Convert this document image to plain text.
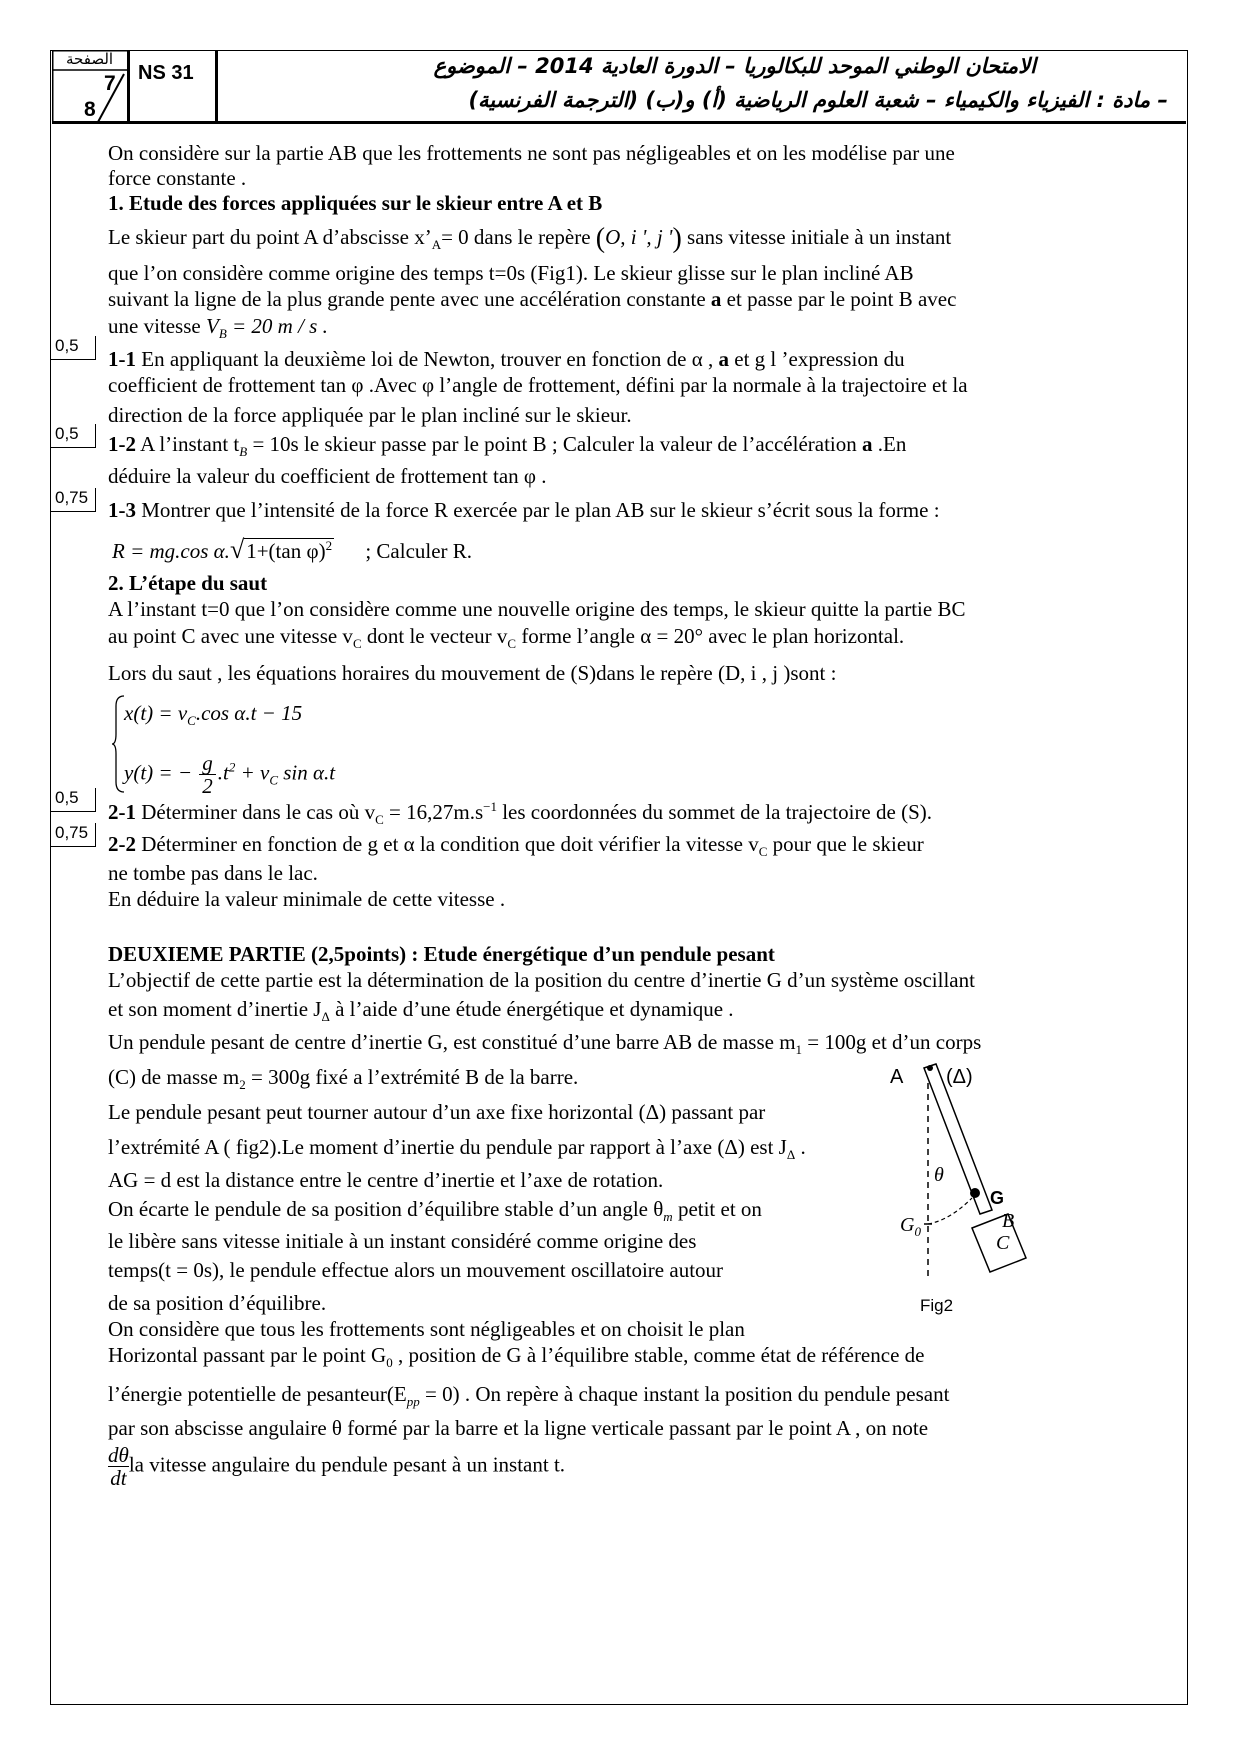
الصفحة
7
8
NS 31	الامتحان الوطني الموحد للبكالوريا – الدورة العادية 2014 – الموضوع
– مادة : الفيزياء والكيمياء – شعبة العلوم الرياضية (أ) و(ب) (الترجمة الفرنسية)
On considère sur la partie AB que les frottements ne sont pas négligeables et on les modélise par une
force constante .
1. Etude des forces appliquées sur le skieur entre A et B
Le skieur part du point A d’abscisse $x’_A= 0$ dans le repère (O, i ', j ') sans vitesse initiale à un instant
que l’on considère comme origine des temps t=0s (Fig1). Le skieur glisse sur le plan incliné AB
suivant la ligne de la plus grande pente avec une accélération constante a et passe par le point B avec
une vitesse $V_B = 20$ m / s .
0,5
1-1 En appliquant la deuxième loi de Newton, trouver en fonction de α , a et g l ’expression du
coefficient de frottement tan φ .Avec φ l’angle de frottement, défini par la normale à la trajectoire et la
direction de la force appliquée par le plan incliné sur le skieur.
0,5	1-2 A l’instant $t_B = 10s$ le skieur passe par le point B ; Calculer la valeur de l’accélération a .En
déduire la valeur du coefficient de frottement tan φ .
0,75
1-3 Montrer que l’intensité de la force R exercée par le plan AB sur le skieur s’écrit sous la forme :
R = mg.cos α.√1+(tan φ)$^2$ ; Calculer R.
2. L’étape du saut
A l’instant t=0 que l’on considère comme une nouvelle origine des temps, le skieur quitte la partie BC
au point C avec une vitesse $v_C$ dont le vecteur $v_C$ forme l’angle α = 20° avec le plan horizontal.
Lors du saut , les équations horaires du mouvement de (S)dans le repère (D, i , j )sont :
$x(t) = v_C.\cos$ α.t − 15
y(t) = − $\frac{g}{2} .t^2 + v_C$ sin α.t
0,5
2-1 Déterminer dans le cas où $v_C = 16,27m.s^{-1}$ les coordonnées du sommet de la trajectoire de (S).
0,75 2-2 Déterminer en fonction de g et α la condition que doit vérifier la vitesse $v_C$ pour que le skieur
ne tombe pas dans le lac.
En déduire la valeur minimale de cette vitesse .
DEUXIEME PARTIE (2,5points) : Etude énergétique d’un pendule pesant
L’objectif de cette partie est la détermination de la position du centre d’inertie G d’un système oscillant
et son moment d’inertie $J_\Delta$ à l’aide d’une étude énergétique et dynamique .
Un pendule pesant de centre d’inertie G, est constitué d’une barre AB de masse $m_1 = 100g$ et d’un corps
(C) de masse $m_2 = 300g$ fixé a l’extrémité B de la barre.
Le pendule pesant peut tourner autour d’un axe fixe horizontal (Δ) passant par
l’extrémité A ( fig2).Le moment d’inertie du pendule par rapport à l’axe (Δ) est $J_\Delta$ .
AG = d est la distance entre le centre d’inertie et l’axe de rotation.
On écarte le pendule de sa position d’équilibre stable d’un angle $\theta_m$ petit et on
le libère sans vitesse initiale à un instant considéré comme origine des
temps(t = 0s), le pendule effectue alors un mouvement oscillatoire autour
de sa position d’équilibre.
On considère que tous les frottements sont négligeables et on choisit le plan
Horizontal passant par le point $G_0$ , position de G à l’équilibre stable, comme état de référence de
l’énergie potentielle de $pesanteur(E_{pp} = 0)$ . On repère à chaque instant la position du pendule pesant
par son abscisse angulaire θ formé par la barre et la ligne verticale passant par le point A , on note
$\frac{d\theta}{dt}$ la vitesse angulaire du pendule pesant à un instant t.
A (Δ)
θ
G
$G_0$	B
C
Fig2
